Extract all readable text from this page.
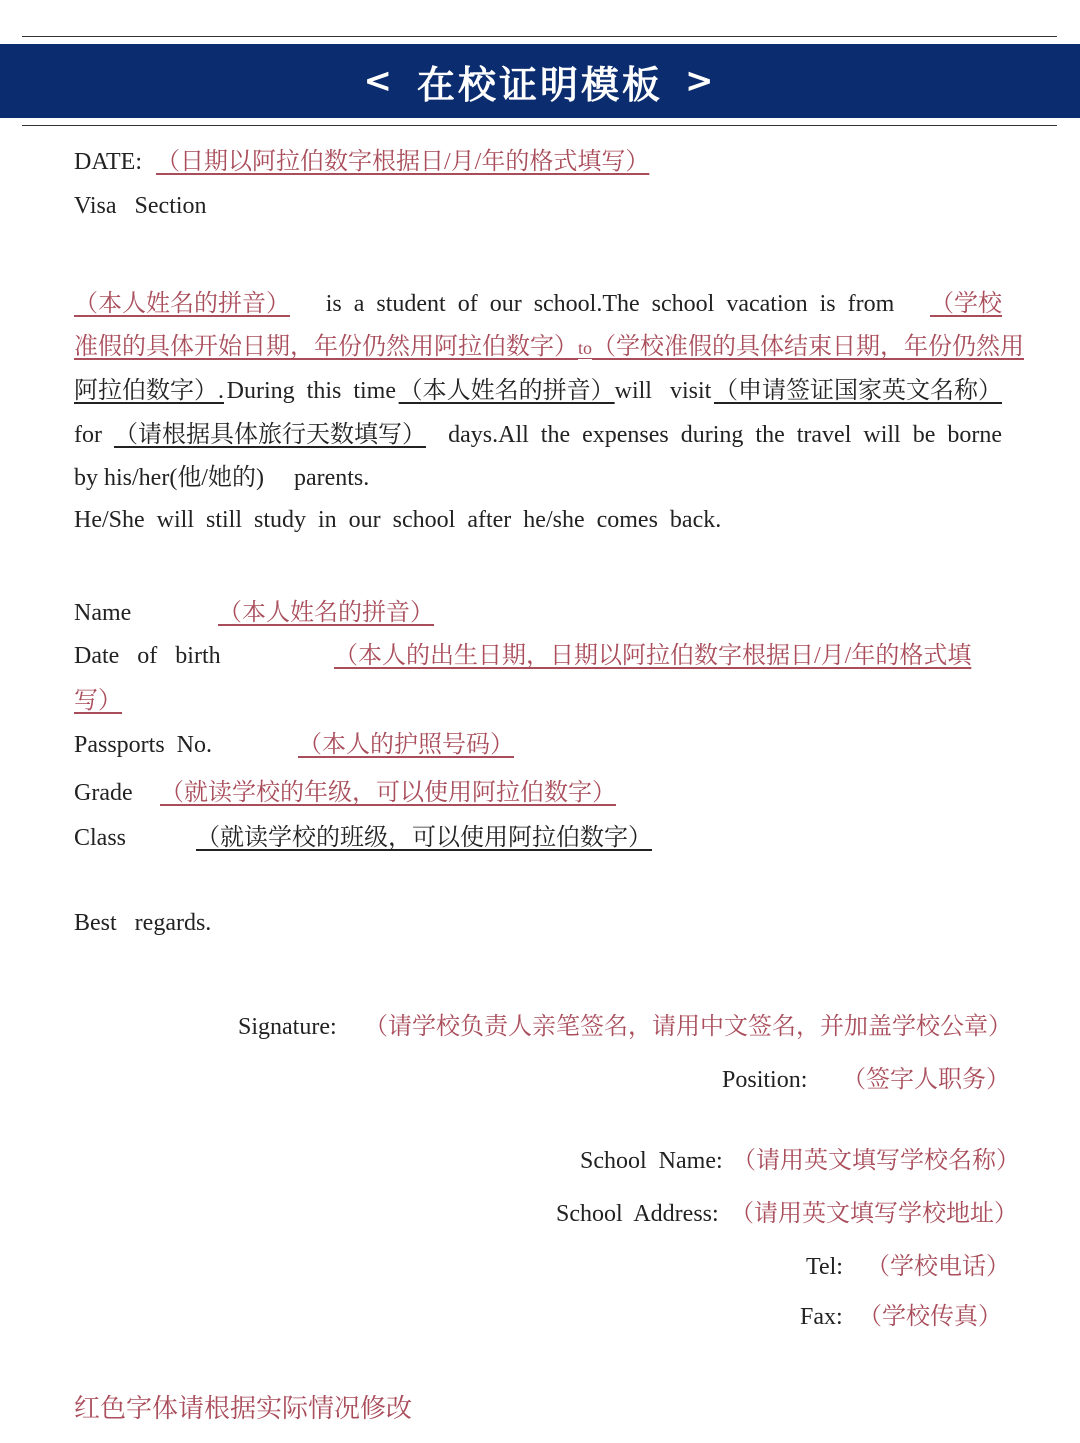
< 在校证明模板 >
DATE: （日期以阿拉伯数字根据日/月/年的格式填写）
Visa   Section
（本人姓名的拼音） is  a  student  of  our  school.The  school  vacation  is  from （学校
准假的具体开始日期，年份仍然用阿拉伯数字）to（学校准假的具体结束日期，年份仍然用
阿拉伯数字）. During  this  time （本人姓名的拼音）will   visit （申请签证国家英文名称）
for （请根据具体旅行天数填写） days.All  the  expenses  during  the  travel  will  be  borne
by his/her(他/她的)     parents.
He/She  will  still  study  in  our  school  after  he/she  comes  back.
Name	（本人姓名的拼音）
Date   of   birth	（本人的出生日期，日期以阿拉伯数字根据日/月/年的格式填
写）
Passports  No.	（本人的护照号码）
Grade （就读学校的年级，可以使用阿拉伯数字）
Class	（就读学校的班级，可以使用阿拉伯数字）
Best   regards.
Signature: （请学校负责人亲笔签名，请用中文签名，并加盖学校公章）
Position: （签字人职务）
School  Name: （请用英文填写学校名称）
School  Address: （请用英文填写学校地址）
Tel: （学校电话）
Fax: （学校传真）
红色字体请根据实际情况修改
